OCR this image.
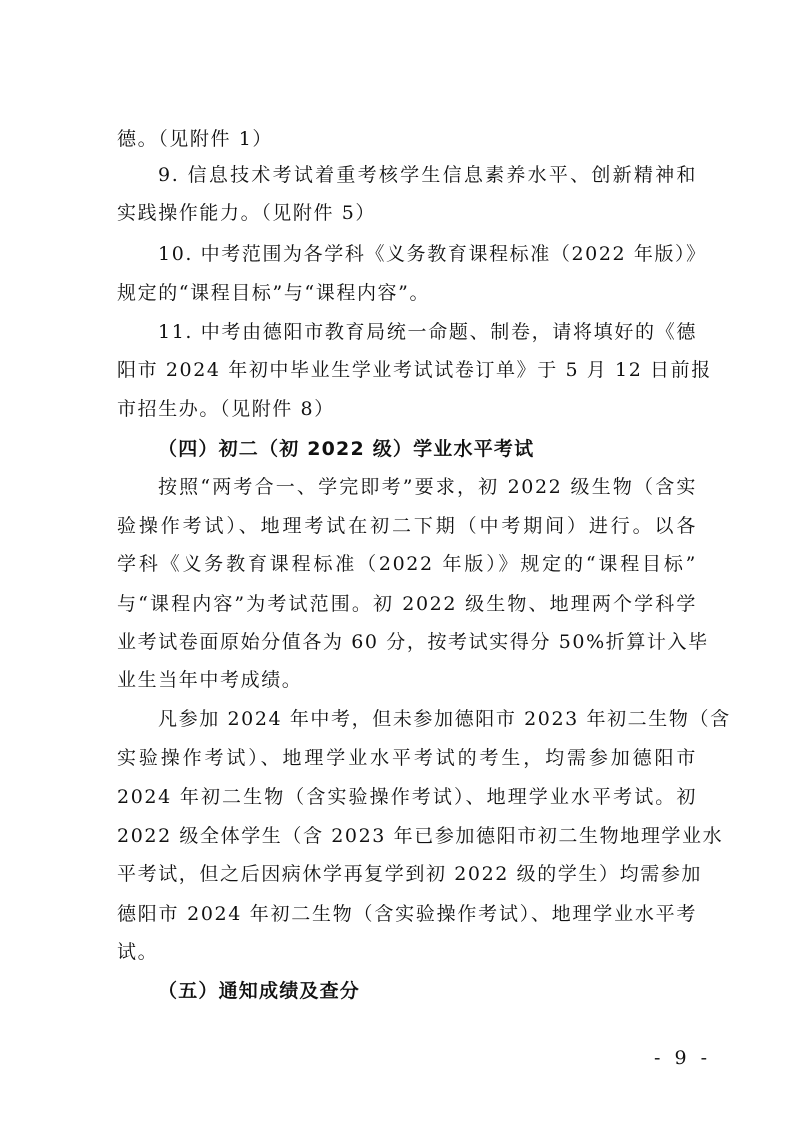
德。（见附件 1）
9. 信息技术考试着重考核学生信息素养水平、创新精神和
实践操作能力。（见附件 5）
10. 中考范围为各学科《义务教育课程标准（2022 年版）》
规定的“课程目标”与“课程内容”。
11. 中考由德阳市教育局统一命题、制卷，请将填好的《德
阳市 2024 年初中毕业生学业考试试卷订单》于 5 月 12 日前报
市招生办。（见附件 8）
（四）初二（初 2022 级）学业水平考试
按照“两考合一、学完即考”要求，初 2022 级生物（含实
验操作考试）、地理考试在初二下期（中考期间）进行。以各
学科《义务教育课程标准（2022 年版）》规定的“课程目标”
与“课程内容”为考试范围。初 2022 级生物、地理两个学科学
业考试卷面原始分值各为 60 分，按考试实得分 50%折算计入毕
业生当年中考成绩。
凡参加 2024 年中考，但未参加德阳市 2023 年初二生物（含
实验操作考试）、地理学业水平考试的考生，均需参加德阳市
2024 年初二生物（含实验操作考试）、地理学业水平考试。初
2022 级全体学生（含 2023 年已参加德阳市初二生物地理学业水
平考试，但之后因病休学再复学到初 2022 级的学生）均需参加
德阳市 2024 年初二生物（含实验操作考试）、地理学业水平考
试。
（五）通知成绩及查分
- 9 -
